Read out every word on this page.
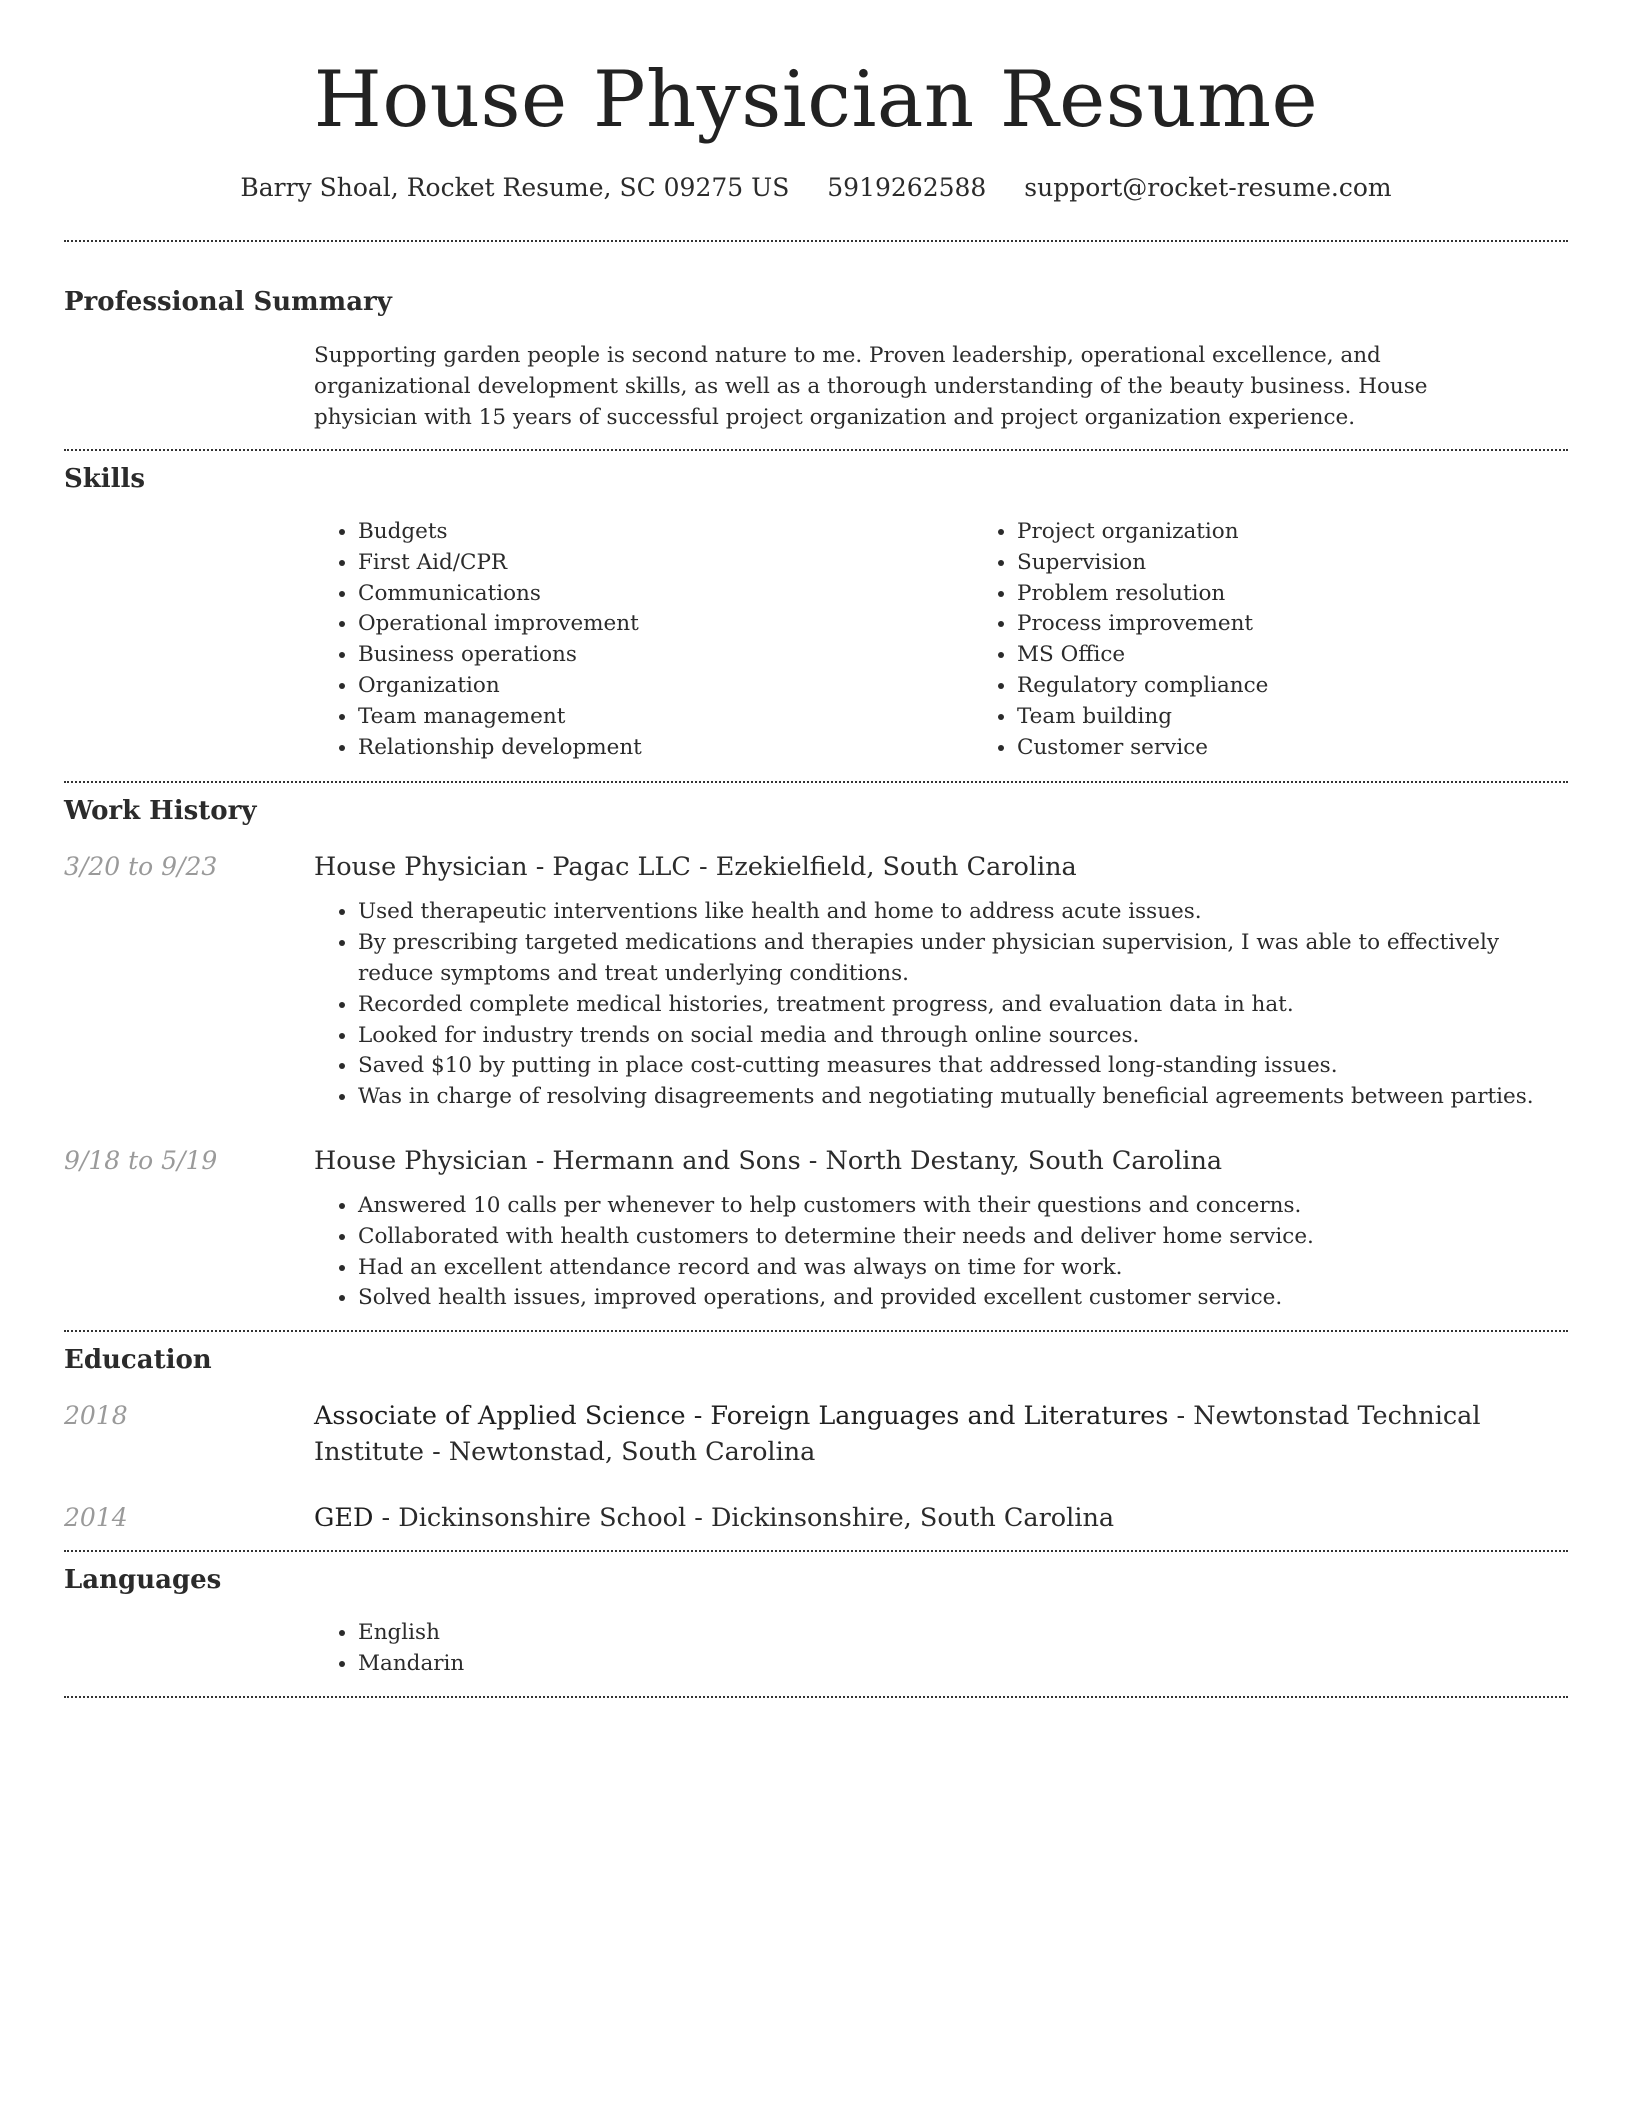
House Physician Resume
Barry Shoal, Rocket Resume, SC 09275 US 5919262588 support@rocket-resume.com
Professional Summary

Supporting garden people is second nature to me. Proven leadership, operational excellence, and organizational development skills, as well as a thorough understanding of the beauty business. House physician with 15 years of successful project organization and project organization experience.

Skills
• Budgets
• First Aid/CPR
• Communications
• Operational improvement
• Business operations
• Organization
• Team management
• Relationship development
• Project organization
• Supervision
• Problem resolution
• Process improvement
• MS Office
• Regulatory compliance
• Team building
• Customer service
Work History
3/20 to 9/23	House Physician - Pagac LLC - Ezekielfield, South Carolina
• Used therapeutic interventions like health and home to address acute issues.
• By prescribing targeted medications and therapies under physician supervision, I was able to effectively reduce symptoms and treat underlying conditions.
• Recorded complete medical histories, treatment progress, and evaluation data in hat.
• Looked for industry trends on social media and through online sources.
• Saved $10 by putting in place cost-cutting measures that addressed long-standing issues.
• Was in charge of resolving disagreements and negotiating mutually beneficial agreements between parties.
9/18 to 5/19	House Physician - Hermann and Sons - North Destany, South Carolina
• Answered 10 calls per whenever to help customers with their questions and concerns.
• Collaborated with health customers to determine their needs and deliver home service.
• Had an excellent attendance record and was always on time for work.
• Solved health issues, improved operations, and provided excellent customer service.
Education
2018	Associate of Applied Science - Foreign Languages and Literatures - Newtonstad Technical Institute - Newtonstad, South Carolina
2014	GED - Dickinsonshire School - Dickinsonshire, South Carolina
Languages
• English
• Mandarin
